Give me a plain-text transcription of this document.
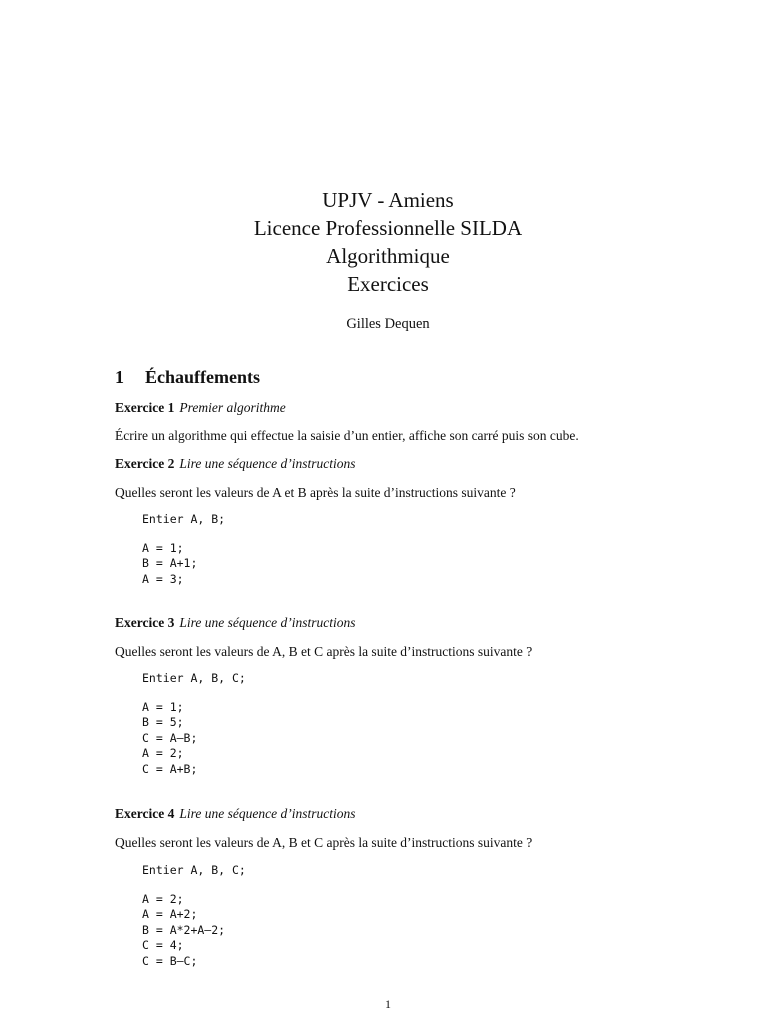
UPJV - Amiens
Licence Professionnelle SILDA
Algorithmique
Exercices
Gilles Dequen
1 Échauffements
Exercice 1 Premier algorithme
Écrire un algorithme qui effectue la saisie d’un entier, affiche son carré puis son cube.
Exercice 2 Lire une séquence d’instructions
Quelles seront les valeurs de A et B après la suite d’instructions suivante ?
Entier A, B;
A = 1;
B = A+1;
A = 3;
Exercice 3 Lire une séquence d’instructions
Quelles seront les valeurs de A, B et C après la suite d’instructions suivante ?
Entier A, B, C;
A = 1;
B = 5;
C = A–B;
A = 2;
C = A+B;
Exercice 4 Lire une séquence d’instructions
Quelles seront les valeurs de A, B et C après la suite d’instructions suivante ?
Entier A, B, C;
A = 2;
A = A+2;
B = A*2+A–2;
C = 4;
C = B–C;
1
